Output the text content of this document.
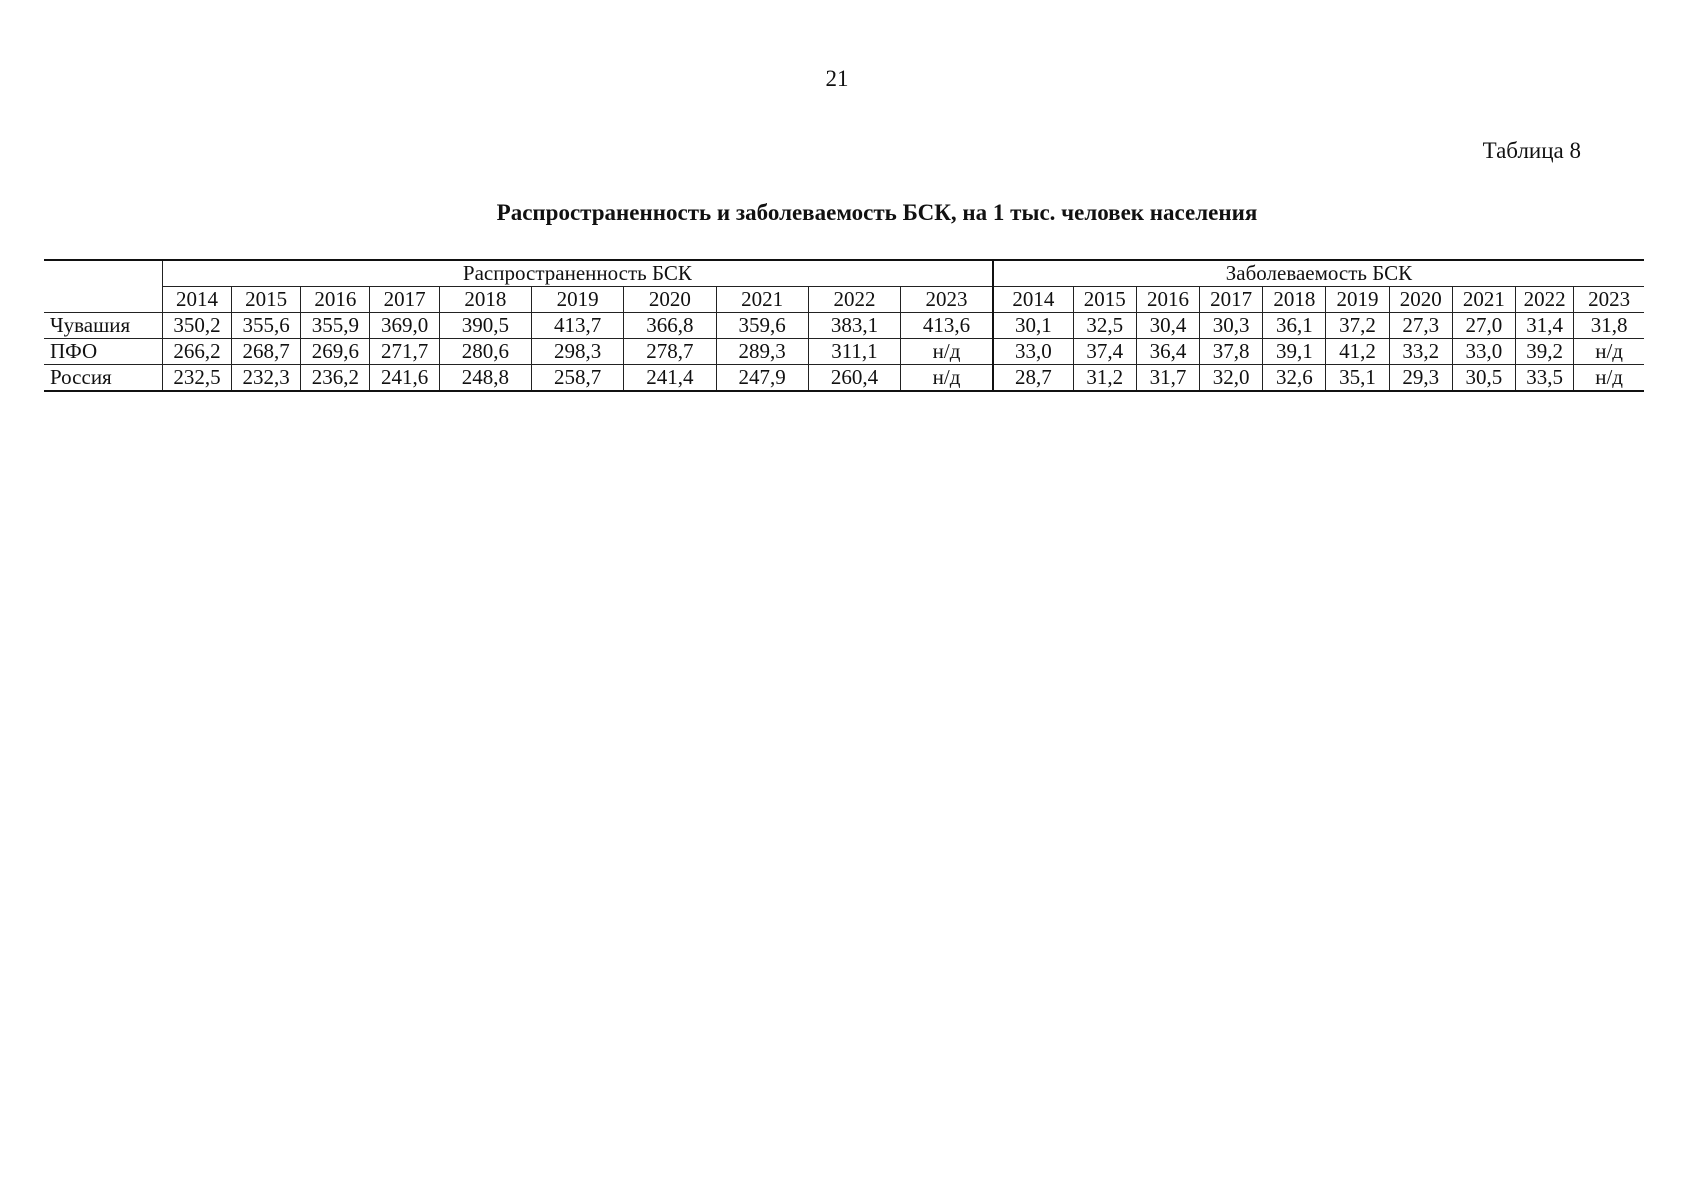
21
Таблица 8
Распространенность и заболеваемость БСК, на 1 тыс. человек населения
	Распространенность БСК										Заболеваемость БСК									
	2014	2015	2016	2017	2018	2019	2020	2021	2022	2023	2014	2015	2016	2017	2018	2019	2020	2021	2022	2023
Чувашия	350,2	355,6	355,9	369,0	390,5	413,7	366,8	359,6	383,1	413,6	30,1	32,5	30,4	30,3	36,1	37,2	27,3	27,0	31,4	31,8
ПФО	266,2	268,7	269,6	271,7	280,6	298,3	278,7	289,3	311,1	н/д	33,0	37,4	36,4	37,8	39,1	41,2	33,2	33,0	39,2	н/д
Россия	232,5	232,3	236,2	241,6	248,8	258,7	241,4	247,9	260,4	н/д	28,7	31,2	31,7	32,0	32,6	35,1	29,3	30,5	33,5	н/д
